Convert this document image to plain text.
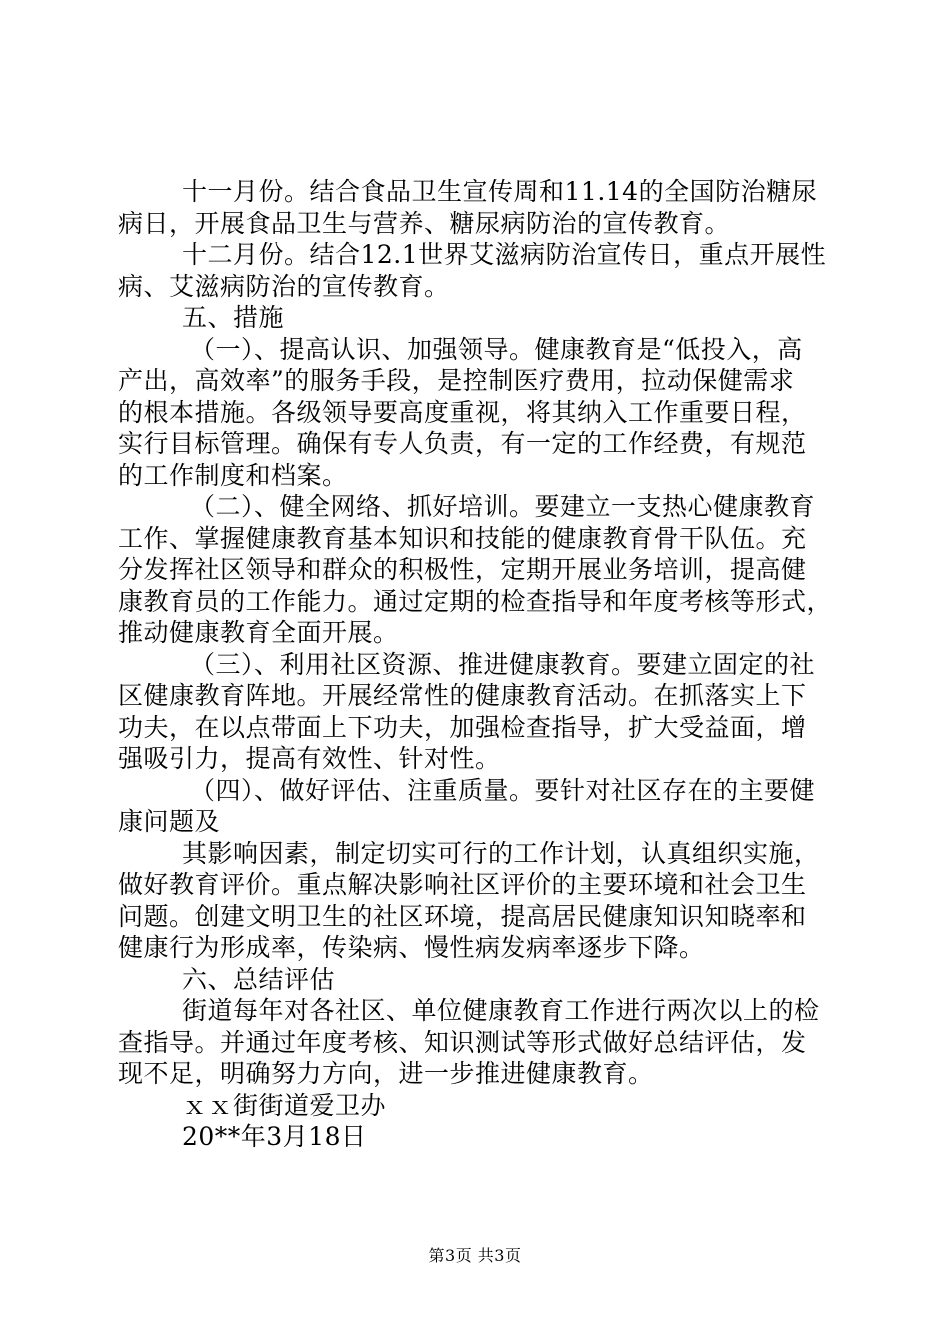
十一月份。结合食品卫生宣传周和11.14的全国防治糖尿
病日，开展食品卫生与营养、糖尿病防治的宣传教育。
十二月份。结合12.1世界艾滋病防治宣传日，重点开展性
病、艾滋病防治的宣传教育。
五、措施
（一）、提高认识、加强领导。健康教育是“低投入，高
产出，高效率”的服务手段，是控制医疗费用，拉动保健需求
的根本措施。各级领导要高度重视，将其纳入工作重要日程，
实行目标管理。确保有专人负责，有一定的工作经费，有规范
的工作制度和档案。
（二）、健全网络、抓好培训。要建立一支热心健康教育
工作、掌握健康教育基本知识和技能的健康教育骨干队伍。充
分发挥社区领导和群众的积极性，定期开展业务培训，提高健
康教育员的工作能力。通过定期的检查指导和年度考核等形式，
推动健康教育全面开展。
（三）、利用社区资源、推进健康教育。要建立固定的社
区健康教育阵地。开展经常性的健康教育活动。在抓落实上下
功夫，在以点带面上下功夫，加强检查指导，扩大受益面，增
强吸引力，提高有效性、针对性。
（四）、做好评估、注重质量。要针对社区存在的主要健
康问题及
其影响因素，制定切实可行的工作计划，认真组织实施，
做好教育评价。重点解决影响社区评价的主要环境和社会卫生
问题。创建文明卫生的社区环境，提高居民健康知识知晓率和
健康行为形成率，传染病、慢性病发病率逐步下降。
六、总结评估
街道每年对各社区、单位健康教育工作进行两次以上的检
查指导。并通过年度考核、知识测试等形式做好总结评估，发
现不足，明确努力方向，进一步推进健康教育。
ｘｘ街街道爱卫办
20**年3月18日
第3页 共3页
